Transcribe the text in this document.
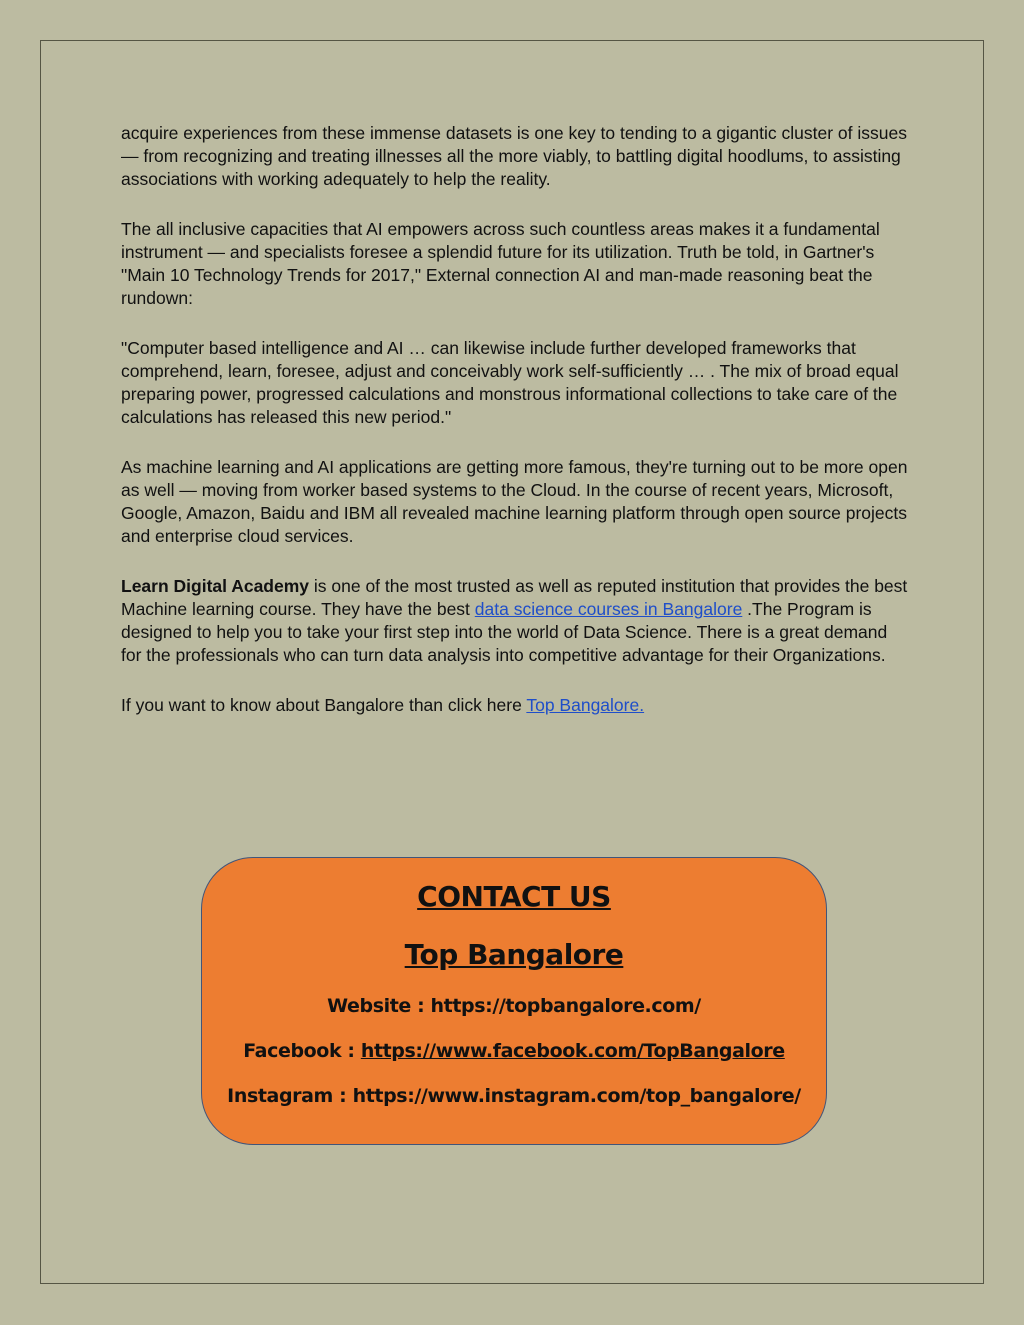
acquire experiences from these immense datasets is one key to tending to a gigantic cluster of issues — from recognizing and treating illnesses all the more viably, to battling digital hoodlums, to assisting associations with working adequately to help the reality.

The all inclusive capacities that AI empowers across such countless areas makes it a fundamental instrument — and specialists foresee a splendid future for its utilization. Truth be told, in Gartner's "Main 10 Technology Trends for 2017," External connection AI and man-made reasoning beat the rundown:

"Computer based intelligence and AI … can likewise include further developed frameworks that comprehend, learn, foresee, adjust and conceivably work self-sufficiently … . The mix of broad equal preparing power, progressed calculations and monstrous informational collections to take care of the calculations has released this new period."

As machine learning and AI applications are getting more famous, they're turning out to be more open as well — moving from worker based systems to the Cloud. In the course of recent years, Microsoft, Google, Amazon, Baidu and IBM all revealed machine learning platform through open source projects and enterprise cloud services.

Learn Digital Academy is one of the most trusted as well as reputed institution that provides the best Machine learning course. They have the best data science courses in Bangalore .The Program is designed to help you to take your first step into the world of Data Science. There is a great demand for the professionals who can turn data analysis into competitive advantage for their Organizations.

If you want to know about Bangalore than click here Top Bangalore.

CONTACT US
Top Bangalore
Website : https://topbangalore.com/
Facebook : https://www.facebook.com/TopBangalore
Instagram : https://www.instagram.com/top_bangalore/
